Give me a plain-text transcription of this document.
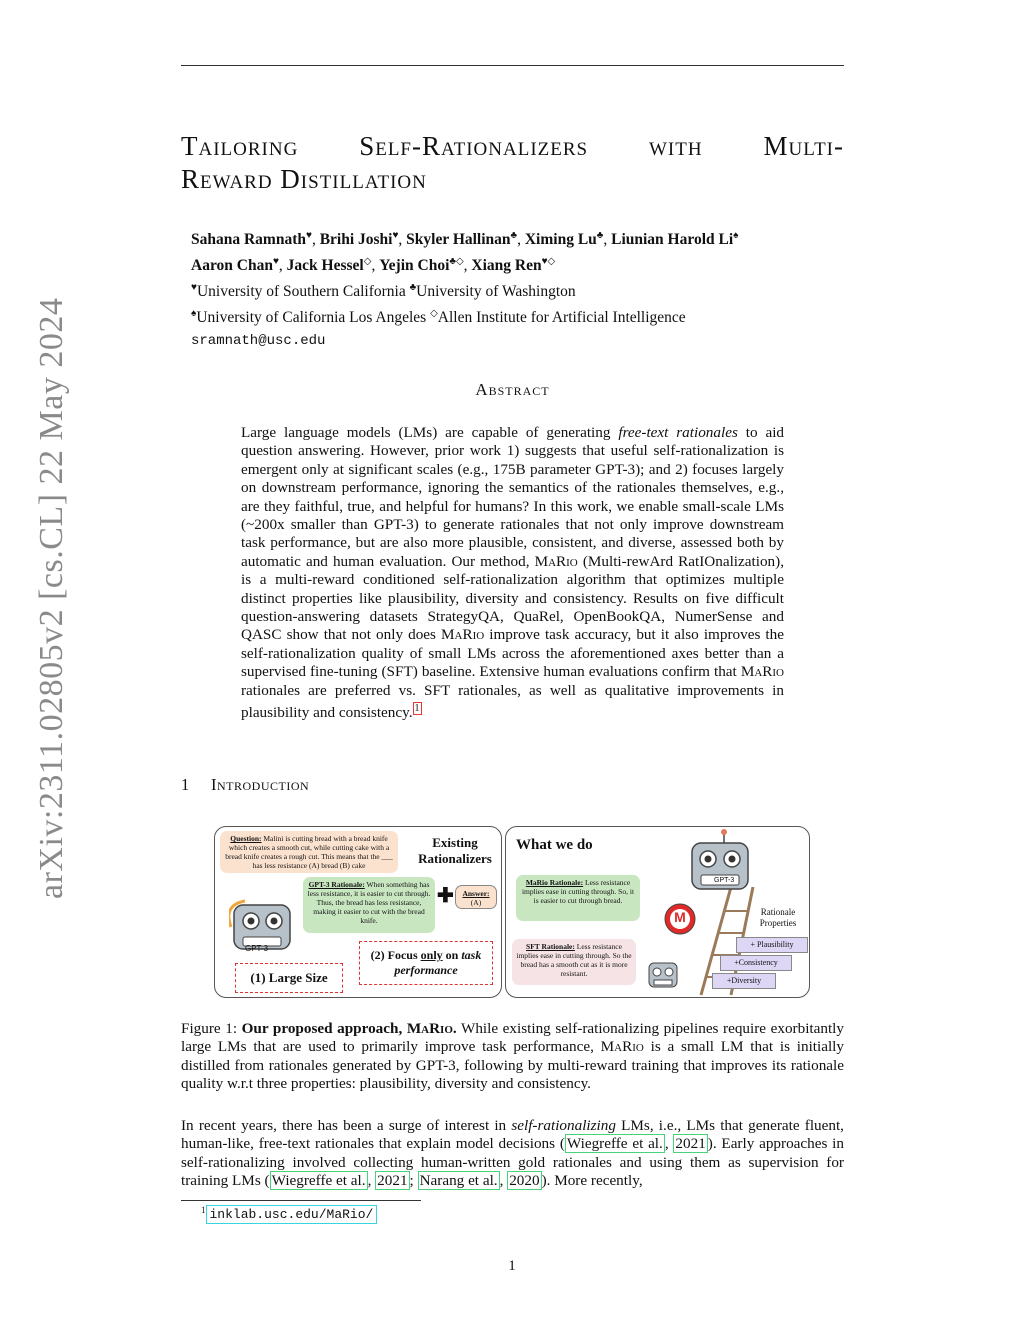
arXiv:2311.02805v2 [cs.CL] 22 May 2024
Tailoring Self-Rationalizers with Multi-
Reward Distillation
Sahana Ramnath♥, Brihi Joshi♥, Skyler Hallinan♣, Ximing Lu♣, Liunian Harold Li♠
Aaron Chan♥, Jack Hessel◇, Yejin Choi♣◇, Xiang Ren♥◇
♥University of Southern California ♣University of Washington
♠University of California Los Angeles ◇Allen Institute for Artificial Intelligence
sramnath@usc.edu
Abstract
Large language models (LMs) are capable of generating free-text rationales to aid question answering. However, prior work 1) suggests that useful self-rationalization is emergent only at significant scales (e.g., 175B parameter GPT-3); and 2) focuses largely on downstream performance, ignoring the semantics of the rationales themselves, e.g., are they faithful, true, and helpful for humans? In this work, we enable small-scale LMs (~200x smaller than GPT-3) to generate rationales that not only improve downstream task performance, but are also more plausible, consistent, and diverse, assessed both by automatic and human evaluation. Our method, MaRio (Multi-rewArd RatIOnalization), is a multi-reward conditioned self-rationalization algorithm that optimizes multiple distinct properties like plausibility, diversity and consistency. Results on five difficult question-answering datasets StrategyQA, QuaRel, OpenBookQA, NumerSense and QASC show that not only does MaRio improve task accuracy, but it also improves the self-rationalization quality of small LMs across the aforementioned axes better than a supervised fine-tuning (SFT) baseline. Extensive human evaluations confirm that MaRio rationales are preferred vs. SFT rationales, as well as qualitative improvements in plausibility and consistency. $^1$
1 Introduction
Question: Malini is cutting bread with a bread knife which creates a smooth cut, while cutting cake with a bread knife creates a rough cut. This means that the ___ has less resistance (A) bread (B) cake
Existing Rationalizers
GPT-3 Rationale: When something has less resistance, it is easier to cut through. Thus, the bread has less resistance, making it easier to cut with the bread knife.
✚	Answer:
(A)
GPT-3
(1) Large Size
(2) Focus only on task performance
What we do
MaRio Rationale: Less resistance implies ease in cutting through. So, it is easier to cut through bread.
SFT Rationale: Less resistance implies ease in cutting through. So the bread has a smooth cut as it is more resistant.
M
GPT-3
Rationale Properties
+ Plausibility
+Consistency
+Diversity
Figure 1: Our proposed approach, MaRio. While existing self-rationalizing pipelines require exorbitantly large LMs that are used to primarily improve task performance, MaRio is a small LM that is initially distilled from rationales generated by GPT-3, following by multi-reward training that improves its rationale quality w.r.t three properties: plausibility, diversity and consistency.
In recent years, there has been a surge of interest in self-rationalizing LMs, i.e., LMs that generate fluent, human-like, free-text rationales that explain model decisions ( Wiegreffe et al. , 2021 ). Early approaches in self-rationalizing involved collecting human-written gold rationales and using them as supervision for training LMs ( Wiegreffe et al. , 2021 ; Narang et al. , 2020 ). More recently,
$^1$ inklab.usc.edu/MaRio/
1
